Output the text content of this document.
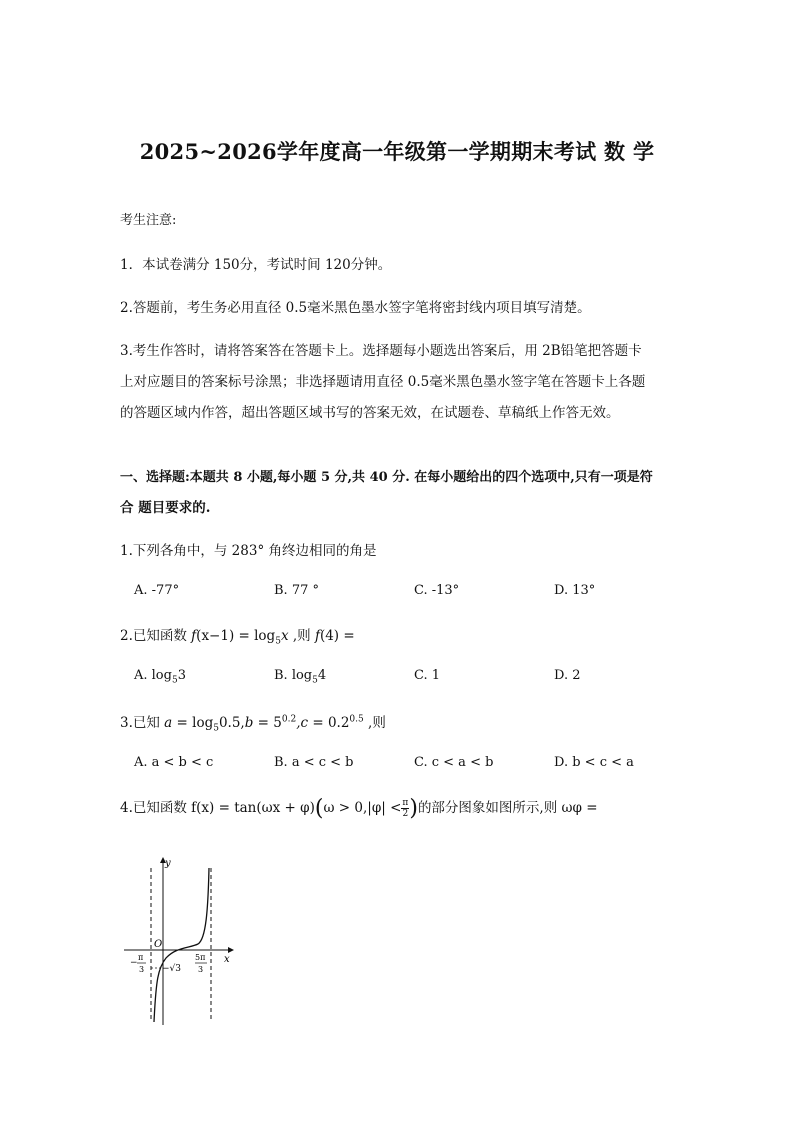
2025~2026学年度高一年级第一学期期末考试 数 学
考生注意:
1．本试卷满分 150分，考试时间 120分钟。
2.答题前，考生务必用直径 0.5毫米黑色墨水签字笔将密封线内项目填写清楚。
3.考生作答时，请将答案答在答题卡上。选择题每小题选出答案后，用 2B铅笔把答题卡
上对应题目的答案标号涂黑；非选择题请用直径 0.5毫米黑色墨水签字笔在答题卡上各题
的答题区域内作答，超出答题区域书写的答案无效，在试题卷、草稿纸上作答无效。
一、选择题:本题共 8 小题,每小题 5 分,共 40 分. 在每小题给出的四个选项中,只有一项是符
合 题目要求的.
1.下列各角中，与 283° 角终边相同的角是
A. -77°	B. 77 °	C. -13°	D. 13°
2.已知函数 $f(x-1) = \log_5x$ ,则 f(4) =
A. $\log_53$	B. $\log_54$	C. 1	D. 2
3.已知 $a = \log_50.5,b = 5^{0.2},c = 0.2^{0.5}$ ,则
A. a < b < c	B. a < c < b	C. c < a < b	D. b < c < a
4.已知函数 $f(x) = \tan(\omega x + \varphi)(\omega > 0,|\varphi| < \frac{\pi}{2}$ )的部分图象如图所示,则 ωφ =
y
x
O
−
π
3
5π
3
−√3
